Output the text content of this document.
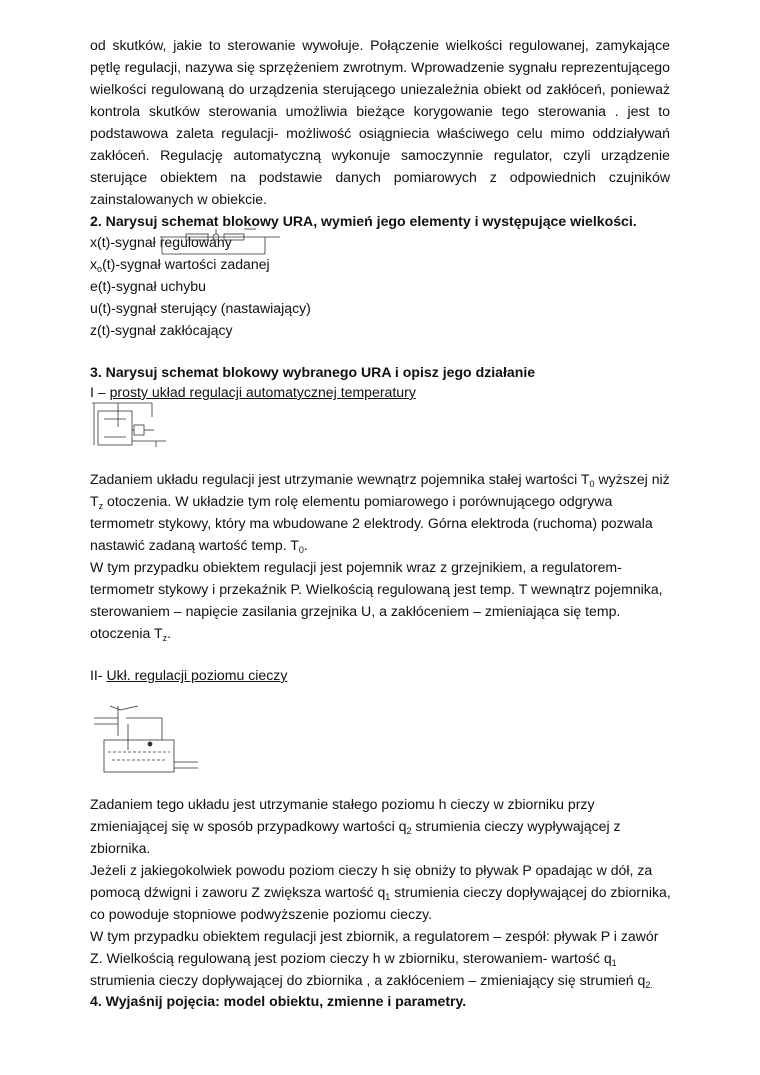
od skutków, jakie to sterowanie wywołuje. Połączenie wielkości regulowanej, zamykające pętlę regulacji, nazywa się sprzężeniem zwrotnym. Wprowadzenie sygnału reprezentującego wielkości regulowaną do urządzenia sterującego uniezależnia obiekt od zakłóceń, ponieważ kontrola skutków sterowania umożliwia bieżące korygowanie tego sterowania . jest to podstawowa zaleta regulacji- możliwość osiągniecia właściwego celu mimo oddziaływań zakłóceń. Regulację automatyczną wykonuje samoczynnie regulator, czyli urządzenie sterujące obiektem na podstawie danych pomiarowych z odpowiednich czujników zainstalowanych w obiekcie.

2. Narysuj schemat blokowy URA, wymień jego elementy i występujące wielkości.

x(t)-sygnał regulowany

$x_o(t)$-sygnał wartości zadanej

e(t)-sygnał uchybu

u(t)-sygnał sterujący (nastawiający)

z(t)-sygnał zakłócający

3. Narysuj schemat blokowy wybranego URA i opisz jego działanie

I – prosty układ regulacji automatycznej temperatury

Zadaniem układu regulacji jest utrzymanie wewnątrz pojemnika stałej wartości $T_0$ wyższej niż

$T_z$ otoczenia. W układzie tym rolę elementu pomiarowego i porównującego odgrywa

termometr stykowy, który ma wbudowane 2 elektrody. Górna elektroda (ruchoma) pozwala

nastawić zadaną wartość temp. $T_0$.

W tym przypadku obiektem regulacji jest pojemnik wraz z grzejnikiem, a regulatorem-

termometr stykowy i przekaźnik P. Wielkością regulowaną jest temp. T wewnątrz pojemnika,

sterowaniem – napięcie zasilania grzejnika U, a zakłóceniem – zmieniająca się temp.

otoczenia $T_z$.

II- Ukł. regulacji poziomu cieczy

Zadaniem tego układu jest utrzymanie stałego poziomu h cieczy w zbiorniku przy

zmieniającej się w sposób przypadkowy wartości $q_2$ strumienia cieczy wypływającej z

zbiornika.

Jeżeli z jakiegokolwiek powodu poziom cieczy h się obniży to pływak P opadając w dół, za

pomocą dźwigni i zaworu Z zwiększa wartość $q_1$ strumienia cieczy dopływającej do zbiornika,

co powoduje stopniowe podwyższenie poziomu cieczy.

W tym przypadku obiektem regulacji jest zbiornik, a regulatorem – zespół: pływak P i zawór

Z. Wielkością regulowaną jest poziom cieczy h w zbiorniku, sterowaniem- wartość $q_1$

strumienia cieczy dopływającej do zbiornika , a zakłóceniem – zmieniający się strumień $q_{2.}$

4. Wyjaśnij pojęcia: model obiektu, zmienne i parametry.
